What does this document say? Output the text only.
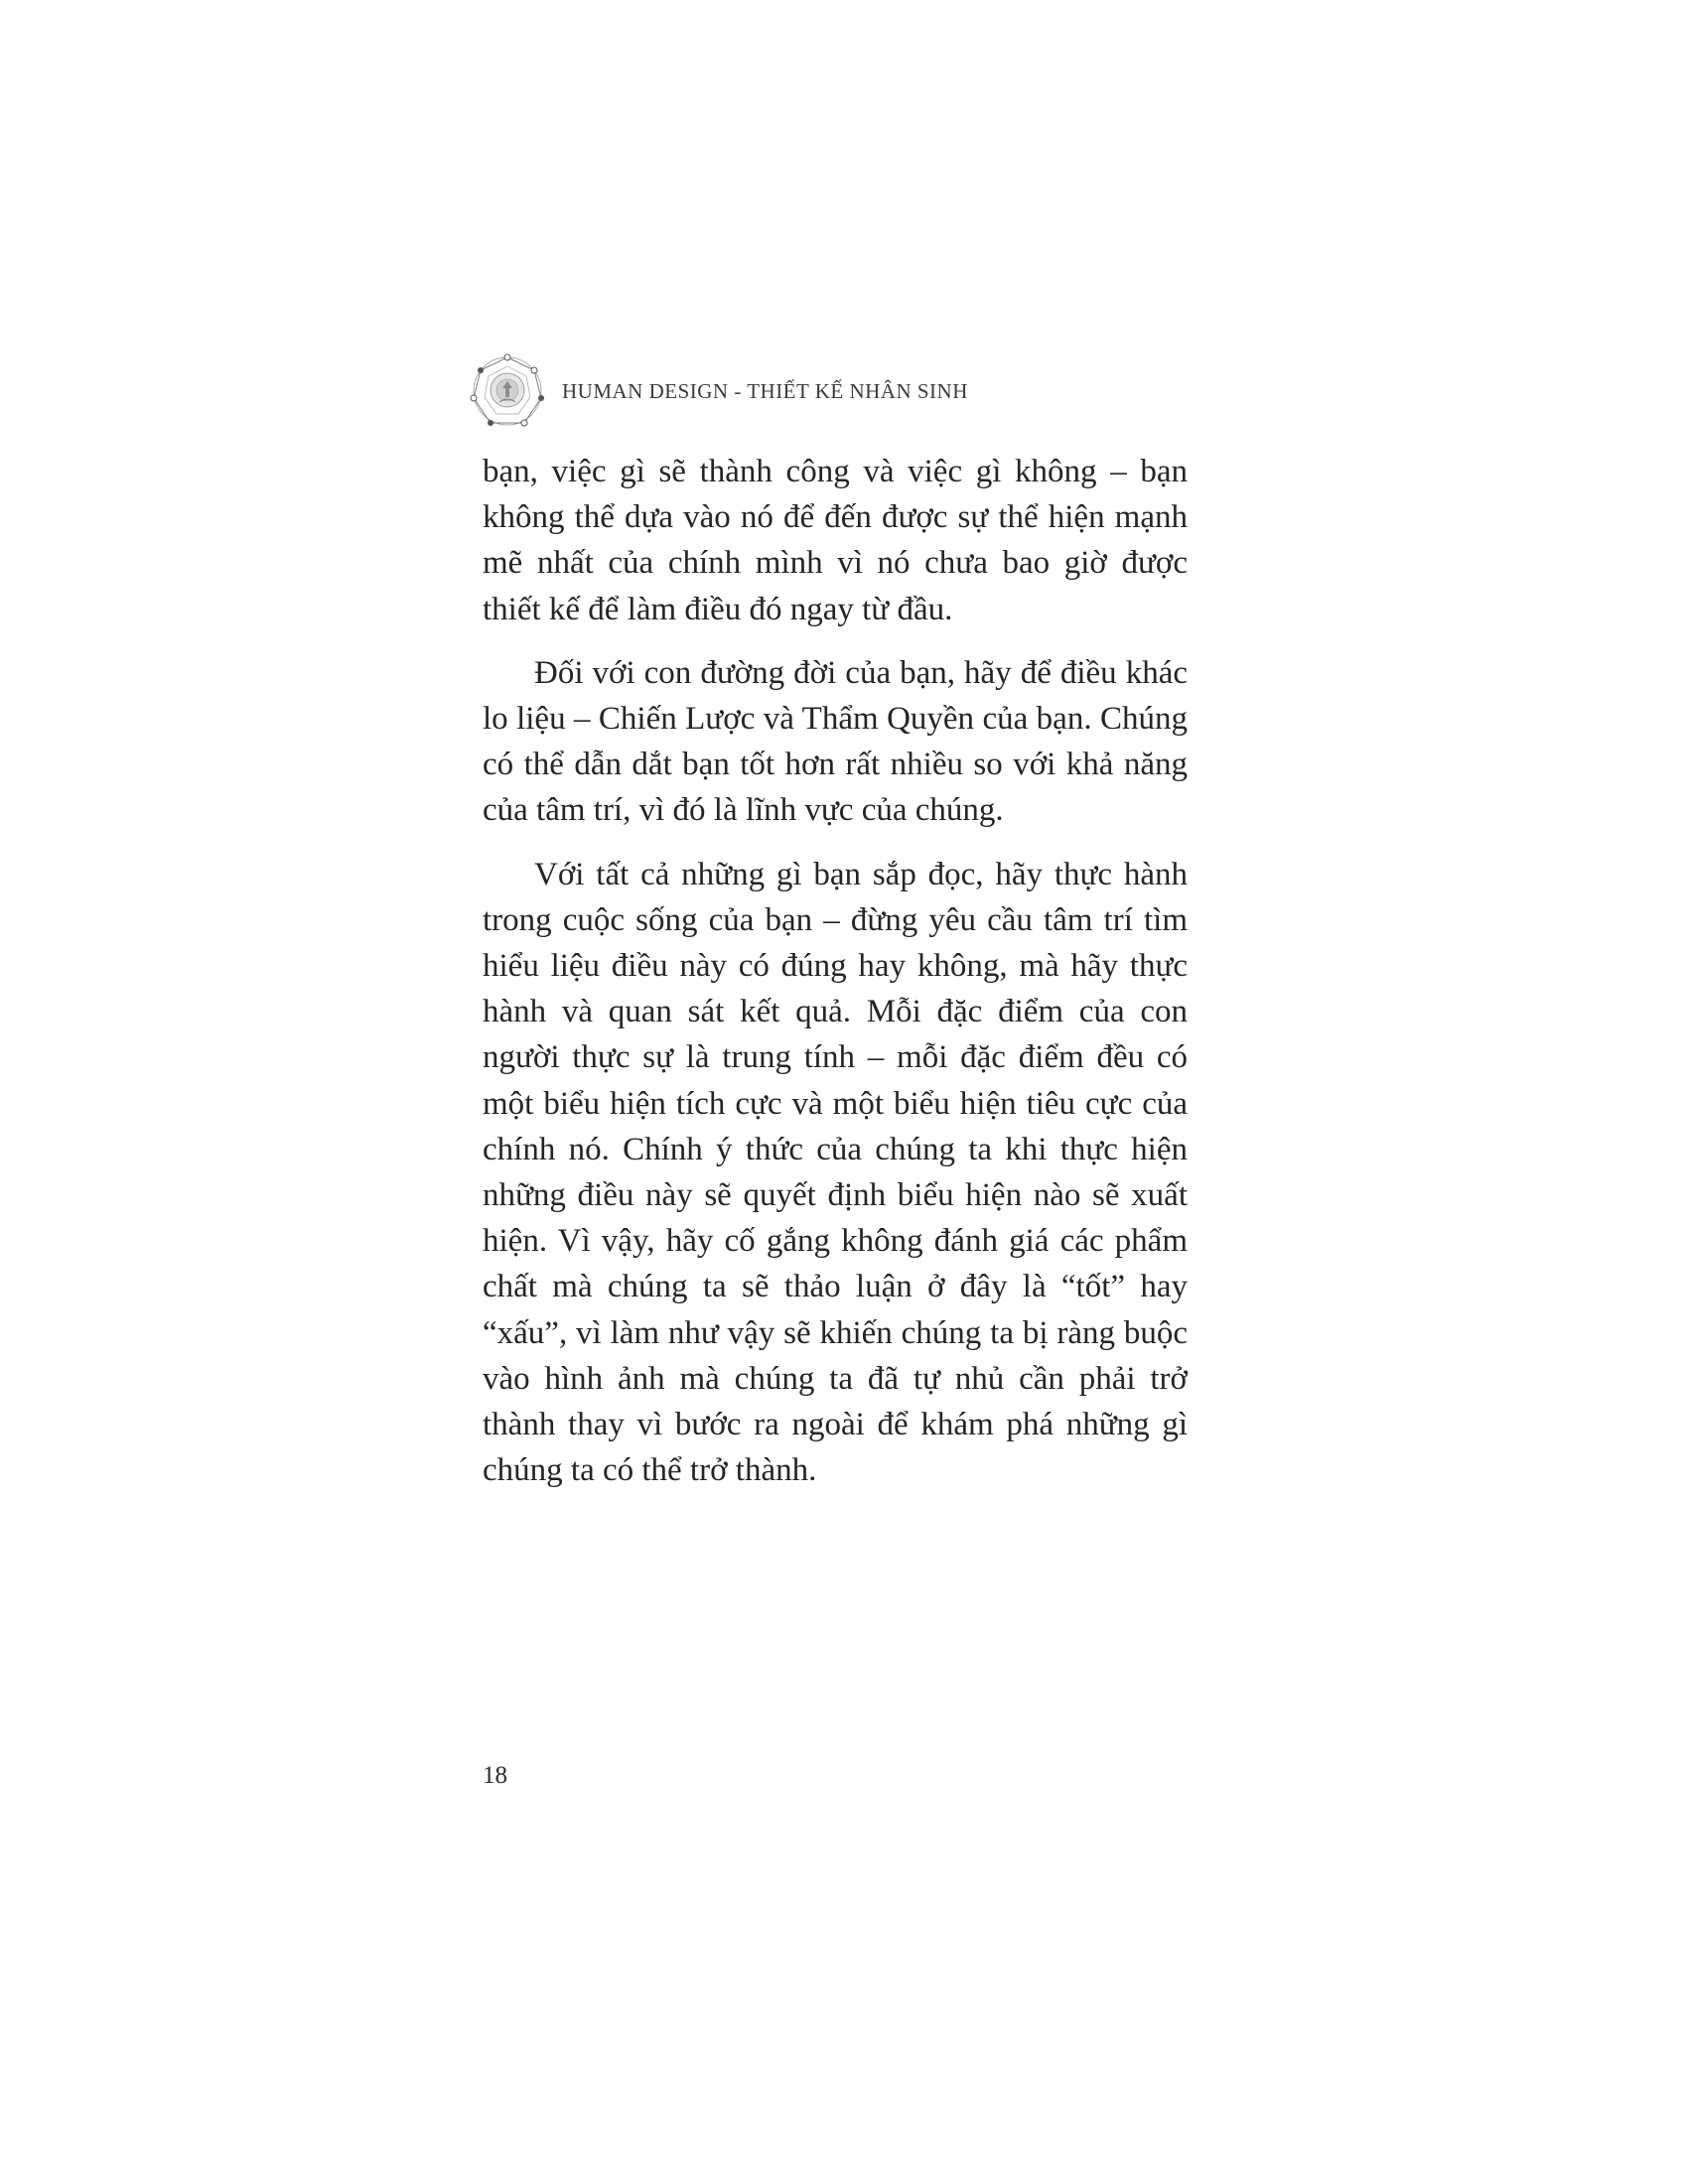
HUMAN DESIGN - THIẾT KẾ NHÂN SINH

bạn, việc gì sẽ thành công và việc gì không – bạn không thể dựa vào nó để đến được sự thể hiện mạnh mẽ nhất của chính mình vì nó chưa bao giờ được thiết kế để làm điều đó ngay từ đầu.

Đối với con đường đời của bạn, hãy để điều khác lo liệu – Chiến Lược và Thẩm Quyền của bạn. Chúng có thể dẫn dắt bạn tốt hơn rất nhiều so với khả năng của tâm trí, vì đó là lĩnh vực của chúng.

Với tất cả những gì bạn sắp đọc, hãy thực hành trong cuộc sống của bạn – đừng yêu cầu tâm trí tìm hiểu liệu điều này có đúng hay không, mà hãy thực hành và quan sát kết quả. Mỗi đặc điểm của con người thực sự là trung tính – mỗi đặc điểm đều có một biểu hiện tích cực và một biểu hiện tiêu cực của chính nó. Chính ý thức của chúng ta khi thực hiện những điều này sẽ quyết định biểu hiện nào sẽ xuất hiện. Vì vậy, hãy cố gắng không đánh giá các phẩm chất mà chúng ta sẽ thảo luận ở đây là “tốt” hay “xấu”, vì làm như vậy sẽ khiến chúng ta bị ràng buộc vào hình ảnh mà chúng ta đã tự nhủ cần phải trở thành thay vì bước ra ngoài để khám phá những gì chúng ta có thể trở thành.

18
